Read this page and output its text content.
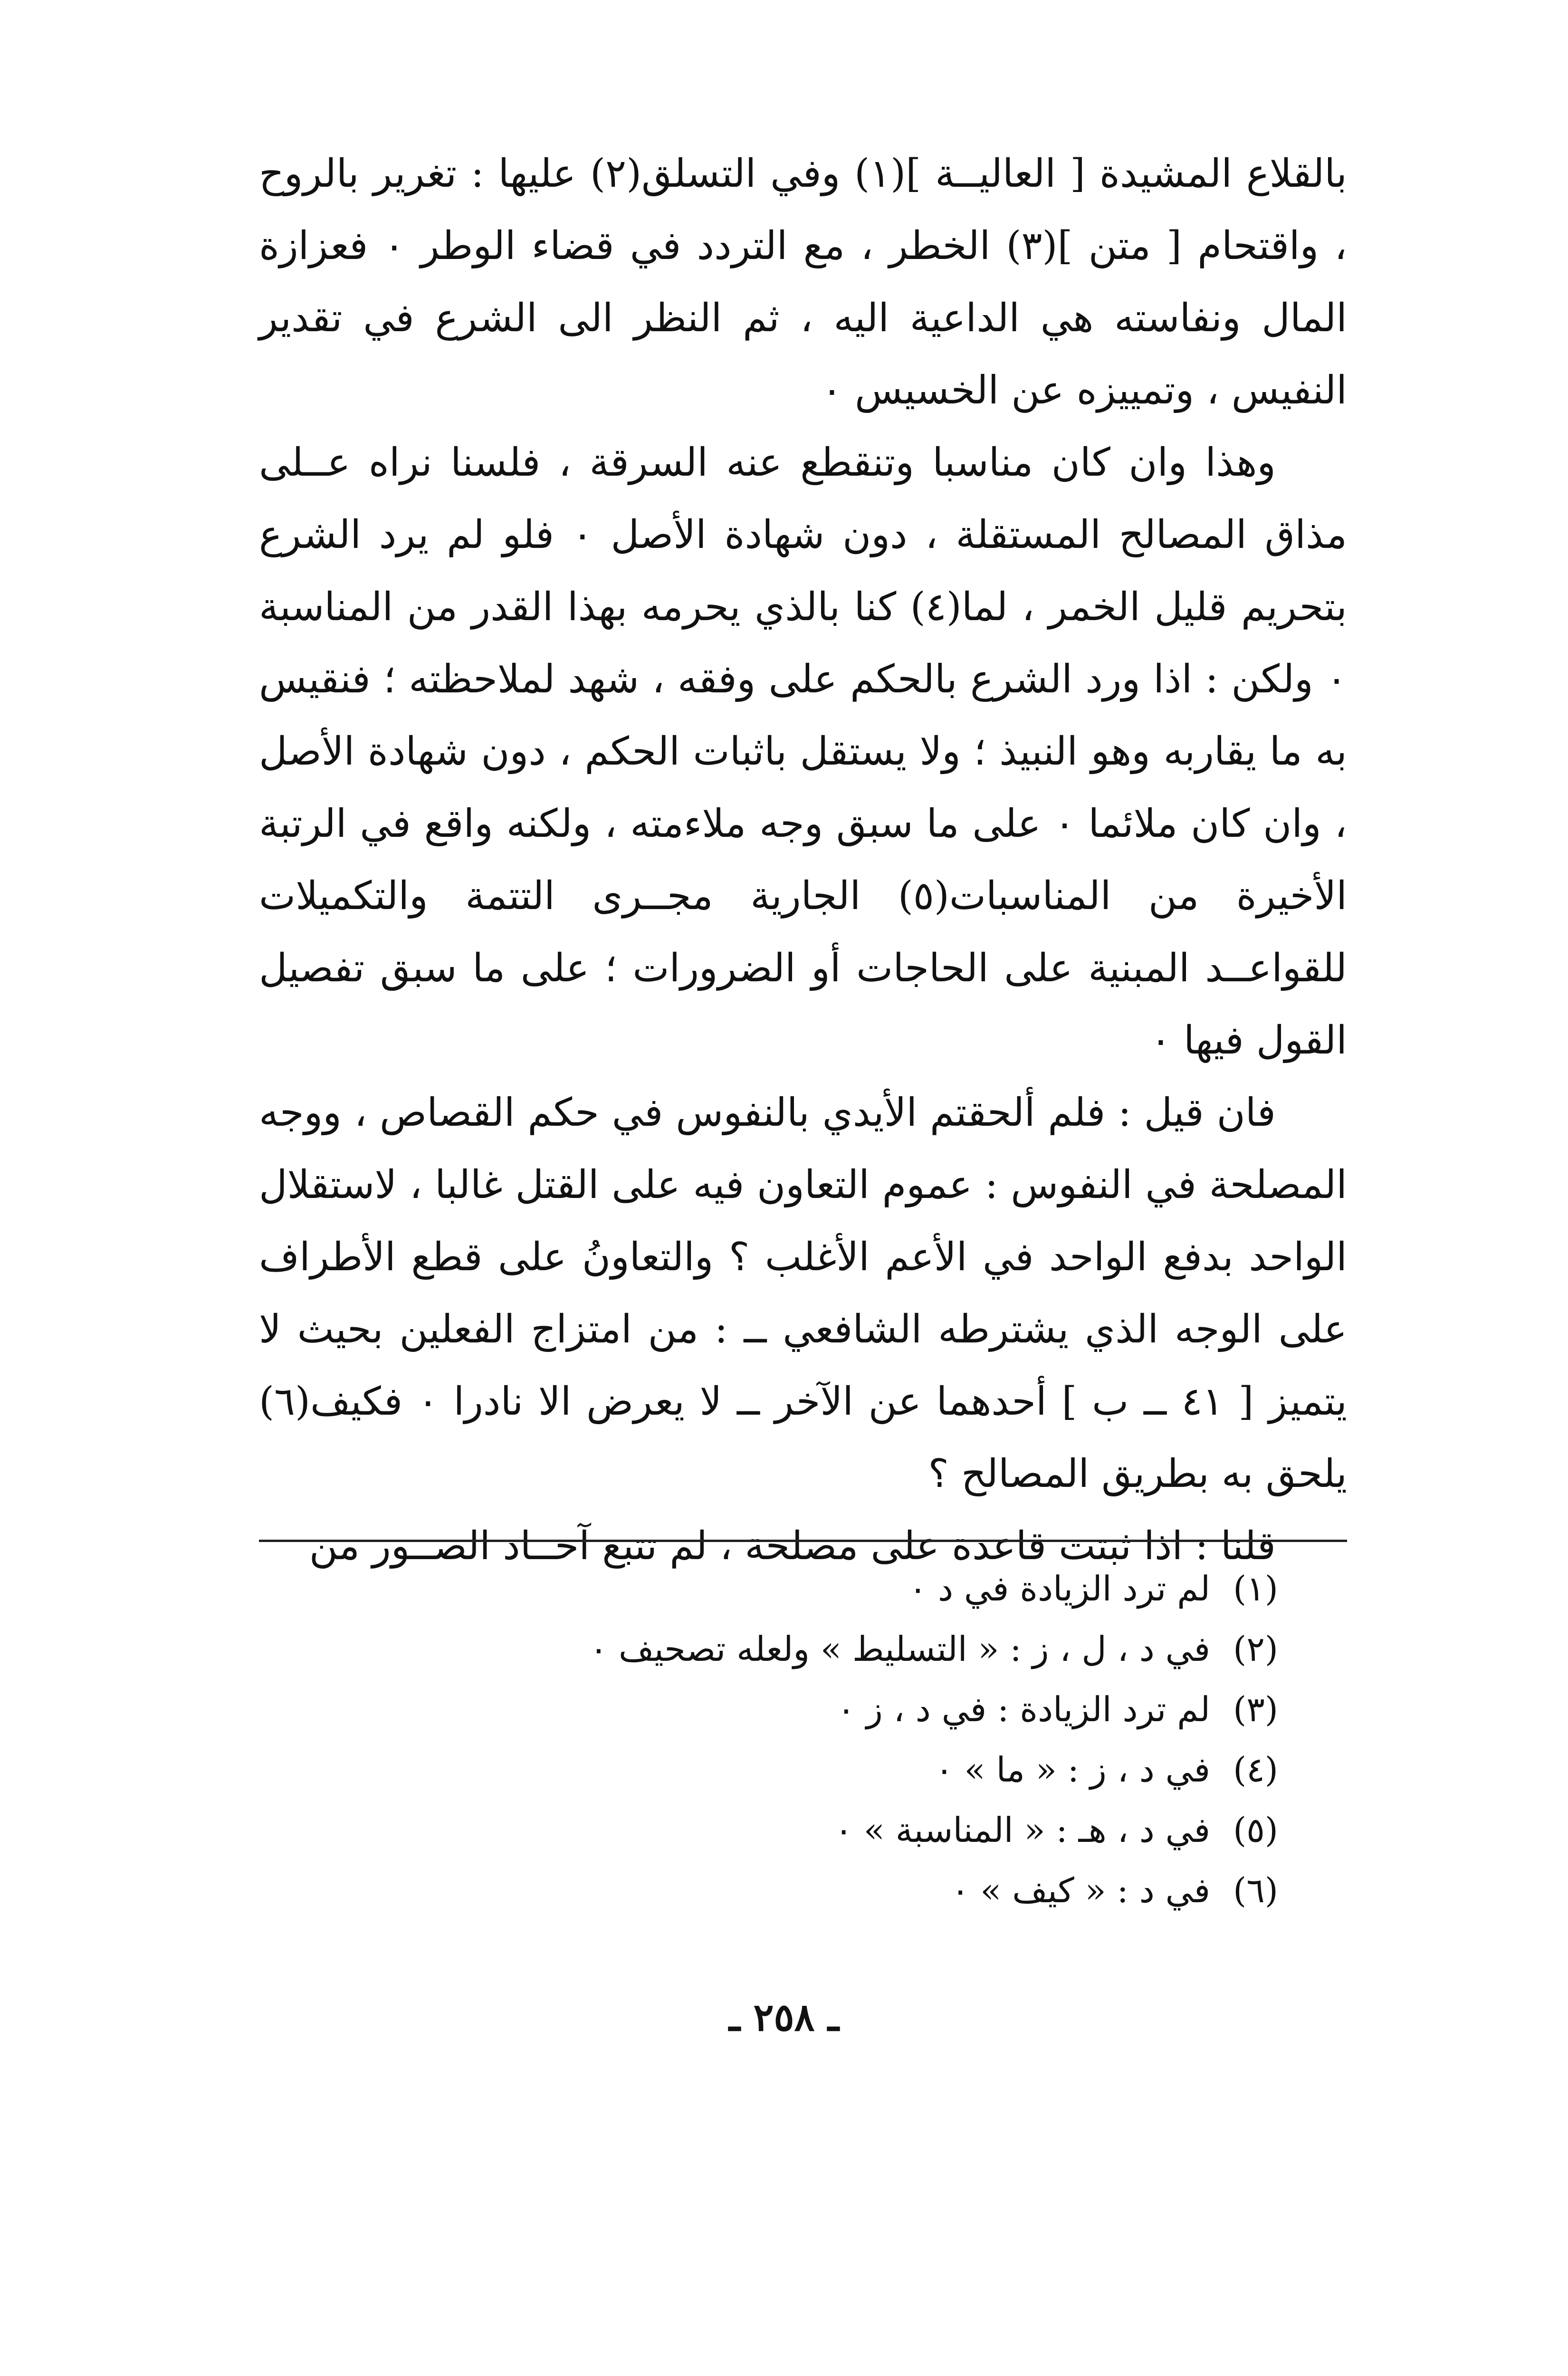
بالقلاع المشيدة [ العاليــة ](١) وفي التسلق(٢) عليها : تغرير بالروح ، واقتحام [ متن ](٣) الخطر ، مع التردد في قضاء الوطر ٠ فعزازة المال ونفاسته هي الداعية اليه ، ثم النظر الى الشرع في تقدير النفيس ، وتمييزه عن الخسيس ٠

وهذا وان كان مناسبا وتنقطع عنه السرقة ، فلسنا نراه عــلى مذاق المصالح المستقلة ، دون شهادة الأصل ٠ فلو لم يرد الشرع بتحريم قليل الخمر ، لما(٤) كنا بالذي يحرمه بهذا القدر من المناسبة ٠ ولكن : اذا ورد الشرع بالحكم على وفقه ، شهد لملاحظته ؛ فنقيس به ما يقاربه وهو النبيذ ؛ ولا يستقل باثبات الحكم ، دون شهادة الأصل ، وان كان ملائما ٠ على ما سبق وجه ملاءمته ، ولكنه واقع في الرتبة الأخيرة من المناسبات(٥) الجارية مجــرى التتمة والتكميلات للقواعــد المبنية على الحاجات أو الضرورات ؛ على ما سبق تفصيل القول فيها ٠

فان قيل : فلم ألحقتم الأيدي بالنفوس في حكم القصاص ، ووجه المصلحة في النفوس : عموم التعاون فيه على القتل غالبا ، لاستقلال الواحد بدفع الواحد في الأعم الأغلب ؟ والتعاونُ على قطع الأطراف على الوجه الذي يشترطه الشافعي ــ : من امتزاج الفعلين بحيث لا يتميز [ ٤١ ــ ب ] أحدهما عن الآخر ــ لا يعرض الا نادرا ٠ فكيف(٦) يلحق به بطريق المصالح ؟

قلنا : اذا ثبتت قاعدة على مصلحة ، لم تتبع آحــاد الصــور من

(١) لم ترد الزيادة في د ٠
(٢) في د ، ل ، ز : « التسليط » ولعله تصحيف ٠
(٣) لم ترد الزيادة : في د ، ز ٠
(٤) في د ، ز : « ما » ٠
(٥) في د ، هـ : « المناسبة » ٠
(٦) في د : « كيف » ٠
ـ ٢٥٨ ـ
